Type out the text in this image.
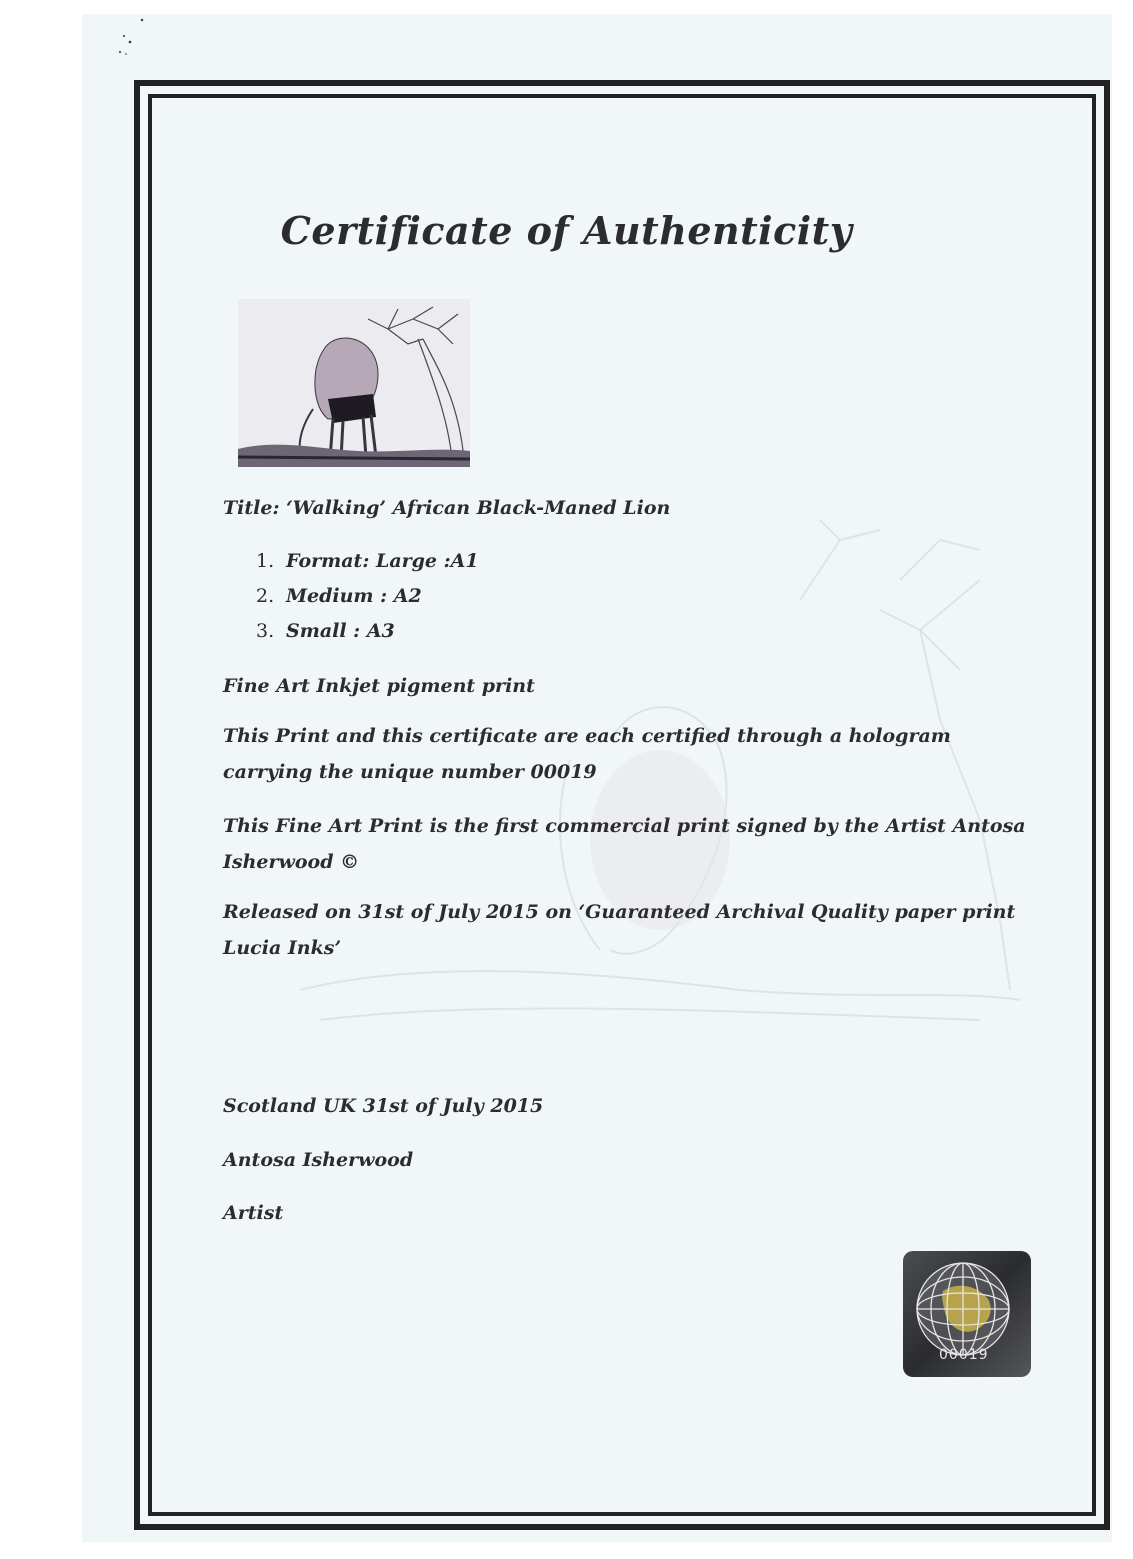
Certificate of Authenticity
Title: ‘Walking’ African Black-Maned Lion
1. Format: Large :A1
2. Medium : A2
3. Small : A3
Fine Art Inkjet pigment print
This Print and this certificate are each certified through a hologram carrying the unique number 00019
This Fine Art Print is the first commercial print signed by the Artist Antosa Isherwood ©
Released on 31st of July 2015 on ‘Guaranteed Archival Quality paper print Lucia Inks’
Scotland UK 31st of July 2015
Antosa Isherwood
Artist
00019
